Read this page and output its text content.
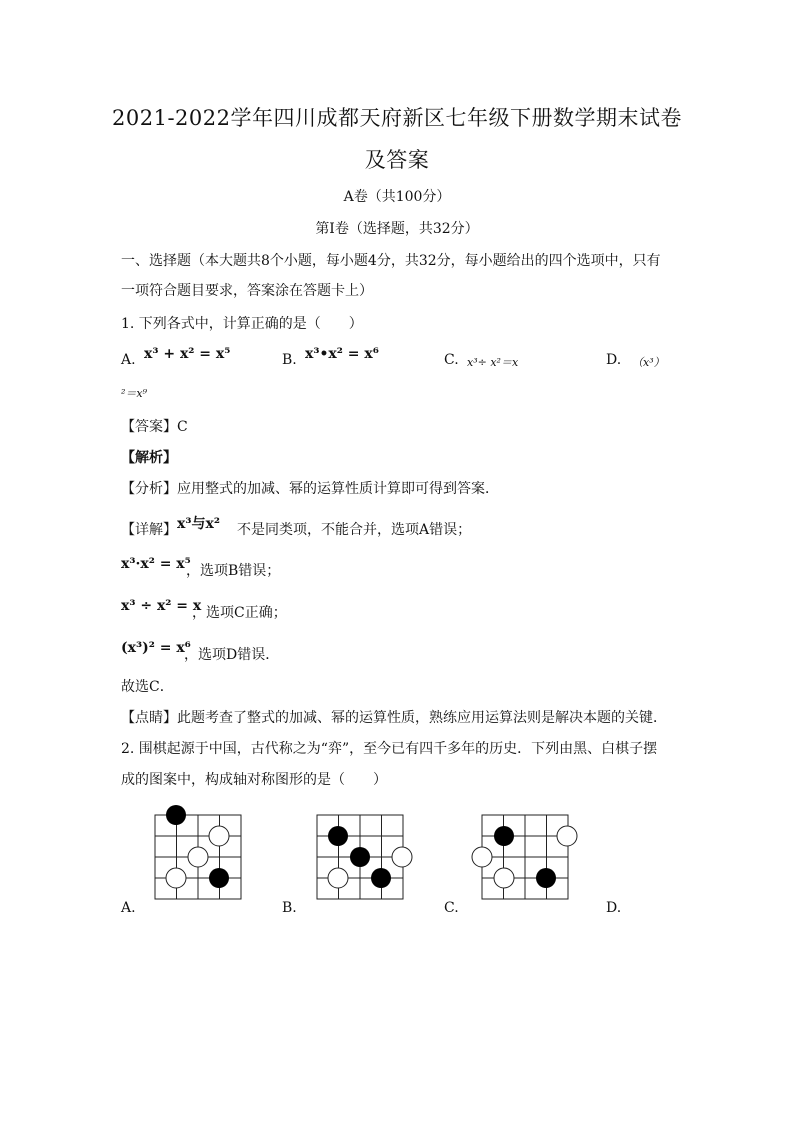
2021-2022学年四川成都天府新区七年级下册数学期末试卷
及答案
A卷（共100分）
第I卷（选择题，共32分）
一、选择题（本大题共8个小题，每小题4分，共32分，每小题给出的四个选项中，只有
一项符合题目要求，答案涂在答题卡上）
1. 下列各式中，计算正确的是（　　）
A. x³ + x² = x⁵	B. x³•x² = x⁶	C. x³÷ x²＝x	D. （x³）
²＝x⁹
【答案】C
【解析】
【分析】应用整式的加减、幂的运算性质计算即可得到答案．
【详解】 x³与x² 不是同类项，不能合并，选项A错误；
x³·x² = x⁵
，选项B错误；
x³ ÷ x² = x
，选项C正确；
(x³)² = x⁶
，选项D错误．
故选C．
【点睛】此题考查了整式的加减、幂的运算性质，熟练应用运算法则是解决本题的关键．
2. 围棋起源于中国，古代称之为“弈”，至今已有四千多年的历史．下列由黑、白棋子摆
成的图案中，构成轴对称图形的是（　　）
A.	B.	C.	D.
